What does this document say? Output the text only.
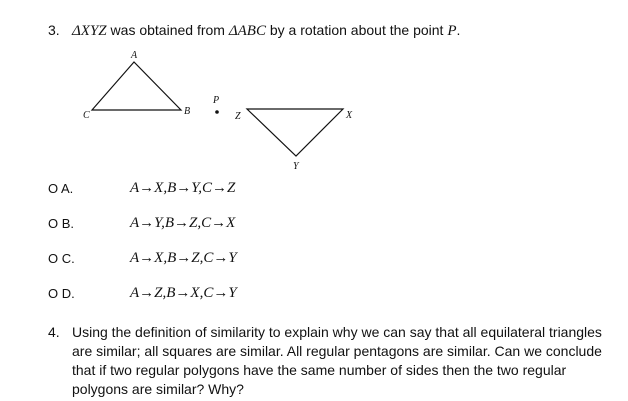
3. ΔXYZ was obtained from ΔABC by a rotation about the point P.
A
C	B
P
Z	X
Y
O A.	A→X,B→Y,C→Z
O B.	A→Y,B→Z,C→X
O C.	A→X,B→Z,C→Y
O D.	A→Z,B→X,C→Y
4. Using the definition of similarity to explain why we can say that all equilateral triangles
are similar; all squares are similar. All regular pentagons are similar. Can we conclude
that if two regular polygons have the same number of sides then the two regular
polygons are similar? Why?
